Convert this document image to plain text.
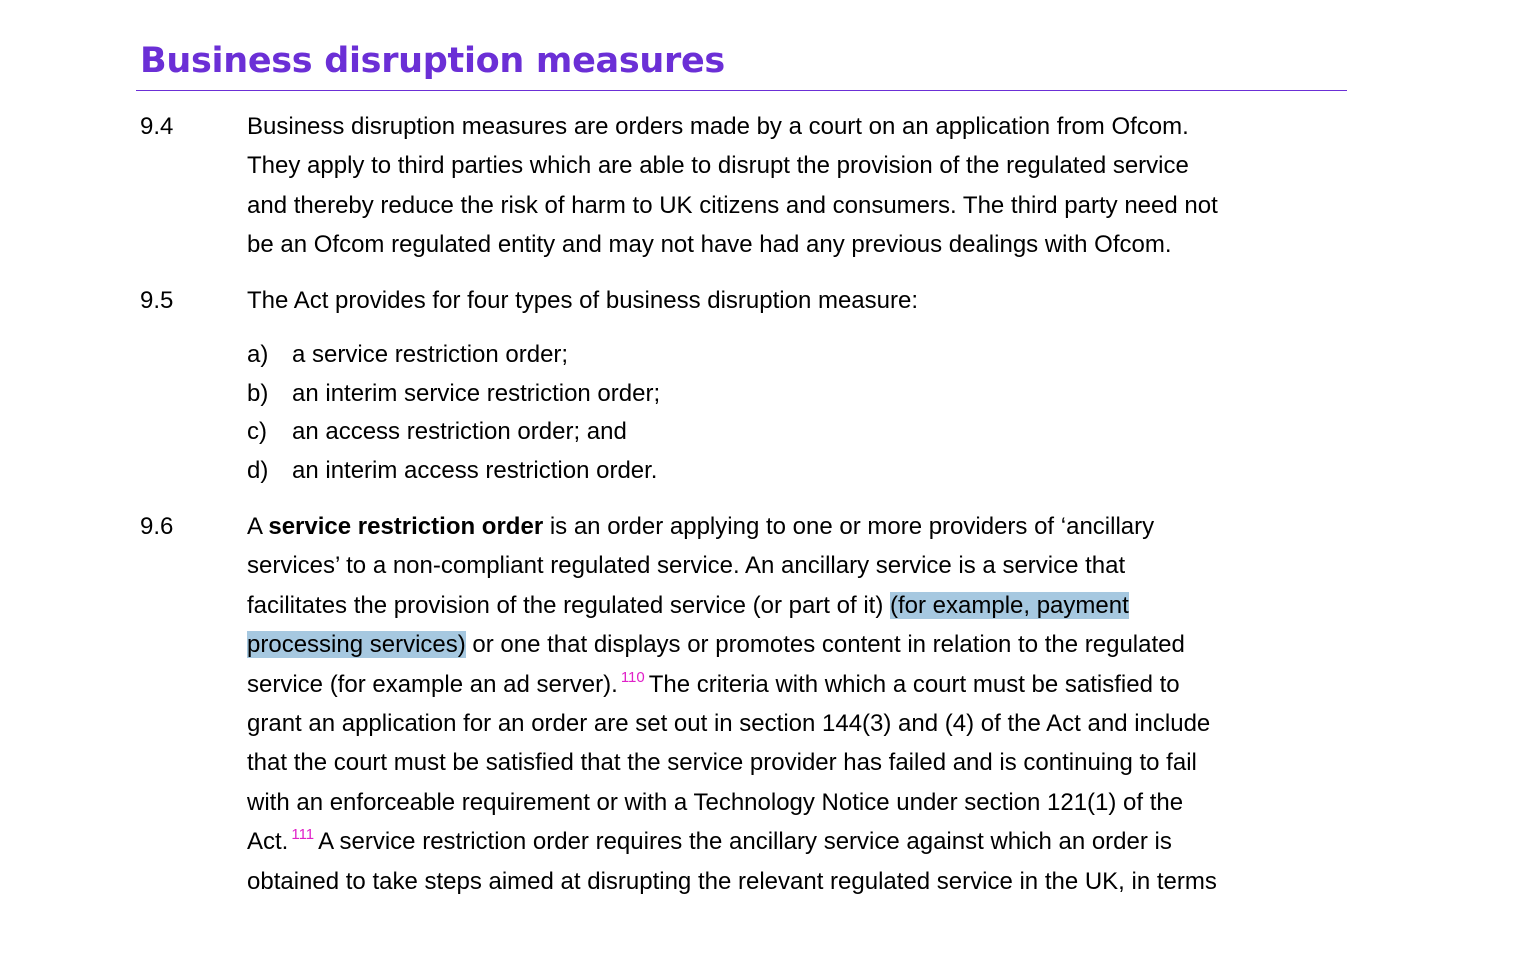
Business disruption measures
9.4	Business disruption measures are orders made by a court on an application from Ofcom.
They apply to third parties which are able to disrupt the provision of the regulated service
and thereby reduce the risk of harm to UK citizens and consumers. The third party need not
be an Ofcom regulated entity and may not have had any previous dealings with Ofcom.
9.5	The Act provides for four types of business disruption measure:
a) a service restriction order;
b) an interim service restriction order;
c)	an access restriction order; and
d) an interim access restriction order.
9.6	A service restriction order is an order applying to one or more providers of ‘ancillary
services’ to a non-compliant regulated service. An ancillary service is a service that
facilitates the provision of the regulated service (or part of it) (for example, payment
processing services) or one that displays or promotes content in relation to the regulated
service (for example an ad server). $^{110}$ The criteria with which a court must be satisfied to
grant an application for an order are set out in section 144(3) and (4) of the Act and include
that the court must be satisfied that the service provider has failed and is continuing to fail
with an enforceable requirement or with a Technology Notice under section 121(1) of the
Act. $^{111}$ A service restriction order requires the ancillary service against which an order is
obtained to take steps aimed at disrupting the relevant regulated service in the UK, in terms
